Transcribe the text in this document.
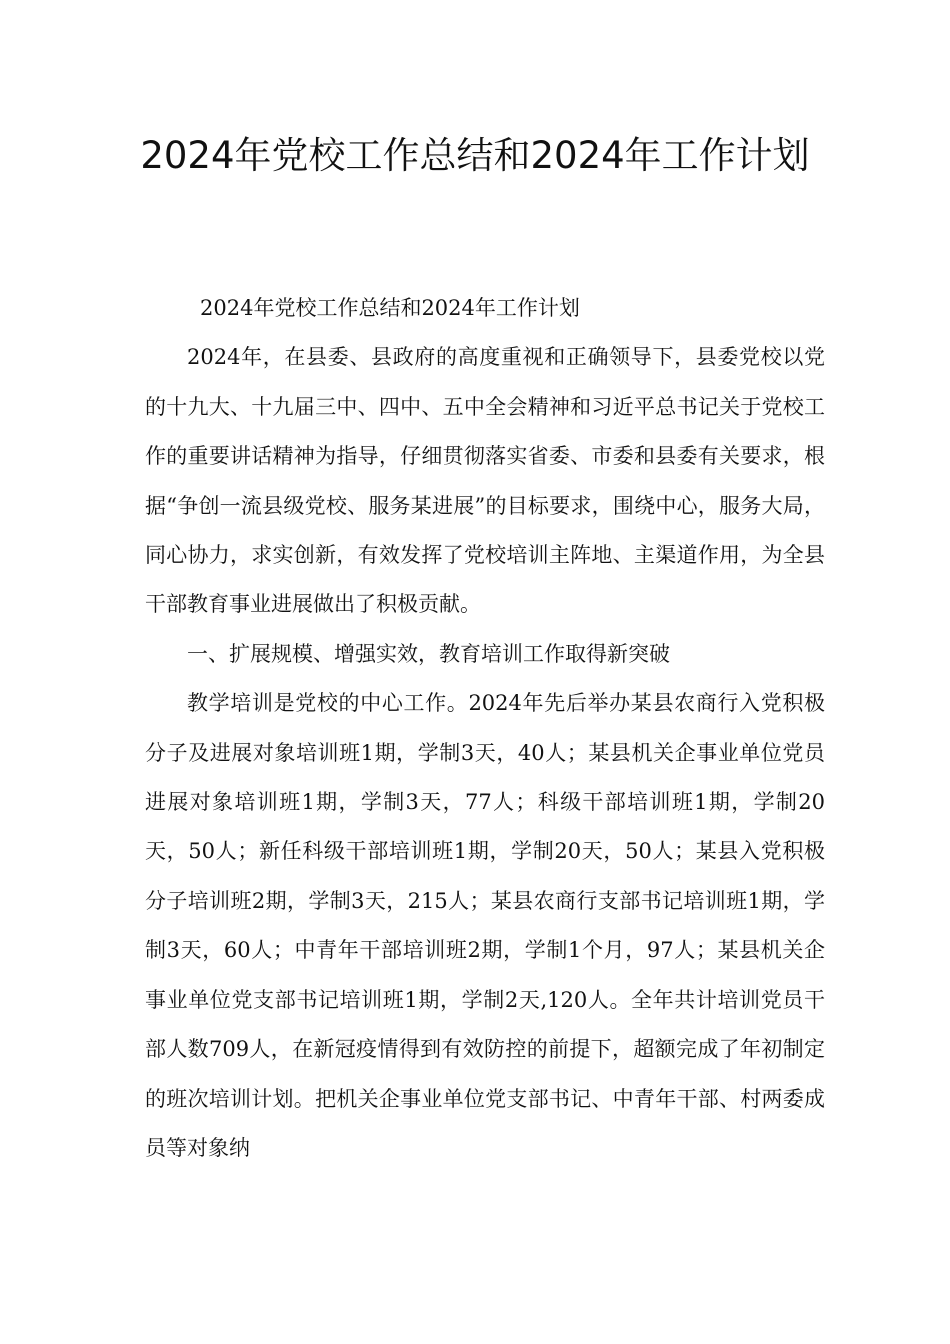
2024年党校工作总结和2024年工作计划

2024年党校工作总结和2024年工作计划

2024年，在县委、县政府的高度重视和正确领导下，县委党校以党的十九大、十九届三中、四中、五中全会精神和习近平总书记关于党校工作的重要讲话精神为指导，仔细贯彻落实省委、市委和县委有关要求，根据“争创一流县级党校、服务某进展”的目标要求，围绕中心，服务大局，同心协力，求实创新，有效发挥了党校培训主阵地、主渠道作用，为全县干部教育事业进展做出了积极贡献。

一、扩展规模、增强实效，教育培训工作取得新突破

教学培训是党校的中心工作。2024年先后举办某县农商行入党积极分子及进展对象培训班1期，学制3天，40人；某县机关企事业单位党员进展对象培训班1期，学制3天，77人；科级干部培训班1期，学制20天，50人；新任科级干部培训班1期，学制20天，50人；某县入党积极分子培训班2期，学制3天，215人；某县农商行支部书记培训班1期，学制3天，60人；中青年干部培训班2期，学制1个月，97人；某县机关企事业单位党支部书记培训班1期，学制2天,120人。全年共计培训党员干部人数709人，在新冠疫情得到有效防控的前提下，超额完成了年初制定的班次培训计划。把机关企事业单位党支部书记、中青年干部、村两委成员等对象纳
